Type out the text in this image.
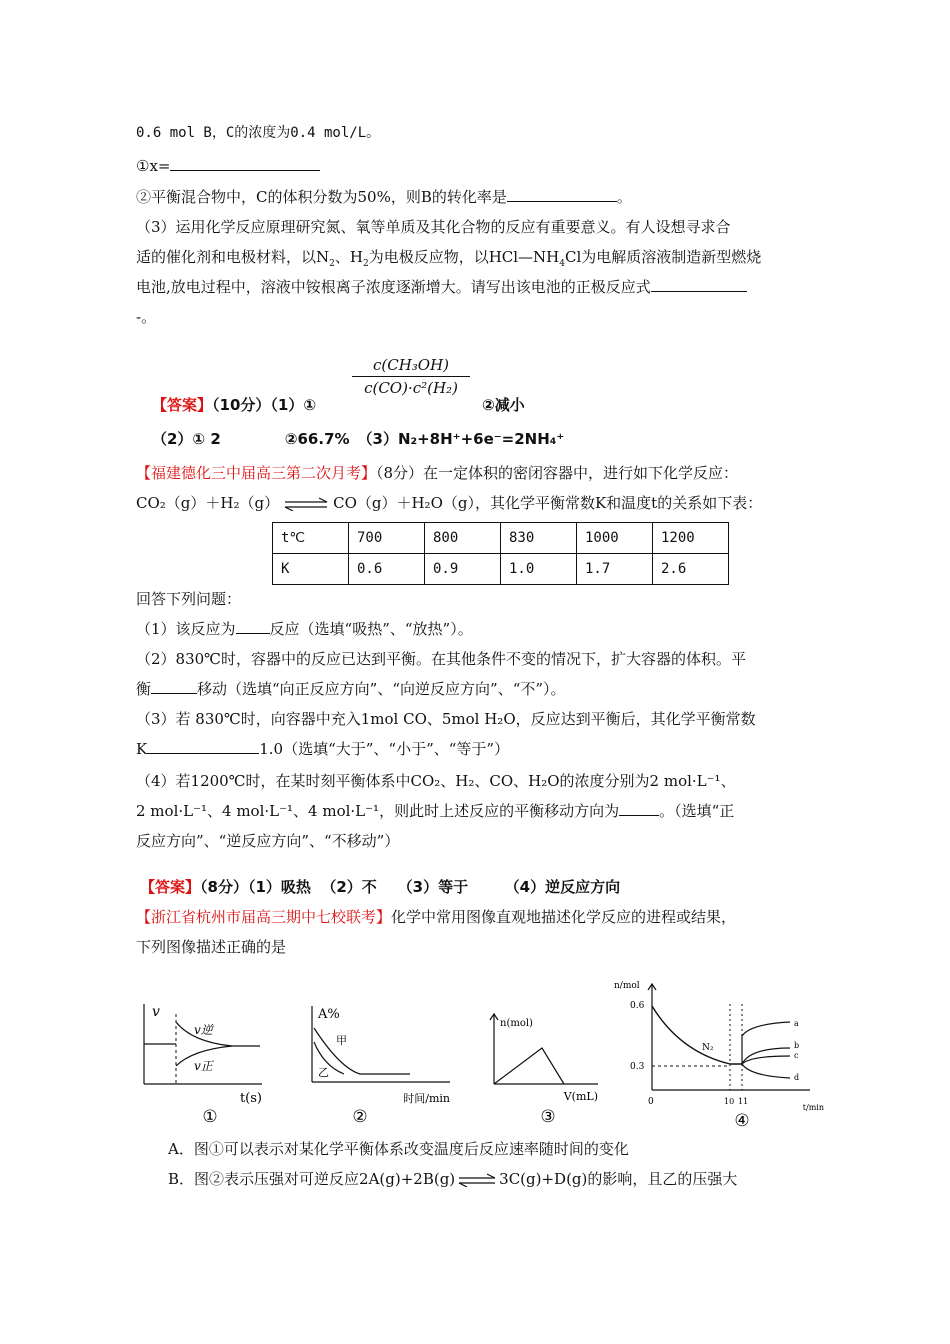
0.6 mol B，C的浓度为0.4 mol/L。
①x=
②平衡混合物中，C的体积分数为50%，则B的转化率是	。
（3）运用化学反应原理研究氮、氧等单质及其化合物的反应有重要意义。有人设想寻求合
适的催化剂和电极材料，以$N_2$、$H_2$为电极反应物，以$HCl—NH_4Cl$为电解质溶液制造新型燃烧
电池,放电过程中，溶液中铵根离子浓度逐渐增大。请写出该电池的正极反应式
-。
【答案】（10分）（1）①
c(CH₃OH)
c(CO)·c²(H₂)
②减小
（2）① 2	②66.7% （3）N₂+8H⁺+6e⁻=2NH₄⁺
【福建德化三中届高三第二次月考】（8分）在一定体积的密闭容器中，进行如下化学反应：
CO₂（g）＋H₂（g） ⇌ CO（g）＋H₂O（g），其化学平衡常数K和温度t的关系如下表：
t℃	700	800	830	1000	1200
K	0.6	0.9	1.0	1.7	2.6
回答下列问题：
（1）该反应为 反应（选填“吸热”、“放热”）。
（2）830℃时，容器中的反应已达到平衡。在其他条件不变的情况下，扩大容器的体积。平
衡	移动（选填“向正反应方向”、“向逆反应方向”、“不”）。
（3）若 830℃时，向容器中充入1mol CO、5mol H₂O，反应达到平衡后，其化学平衡常数
K	1.0（选填“大于”、“小于”、“等于”）
（4）若1200℃时，在某时刻平衡体系中CO₂、H₂、CO、H₂O的浓度分别为2 mol·L⁻¹、
2 mol·L⁻¹、4 mol·L⁻¹、4 mol·L⁻¹，则此时上述反应的平衡移动方向为	。（选填“正
反应方向”、“逆反应方向”、“不移动”）
【答案】（8分）（1）吸热  （2）不    （3）等于       （4）逆反应方向
【浙江省杭州市届高三期中七校联考】化学中常用图像直观地描述化学反应的进程或结果，
下列图像描述正确的是
v
v逆
v正
t(s)
①
A%
甲
乙
时间/min
②
n(mol)
V(mL)
③
n/mol
0.6
0.3
0	10 11
t/min
N₂
a
b
c
d
④
A．图①可以表示对某化学平衡体系改变温度后反应速率随时间的变化
B．图②表示压强对可逆反应2A(g)+2B(g) ⇌ 3C(g)+D(g)的影响，且乙的压强大
